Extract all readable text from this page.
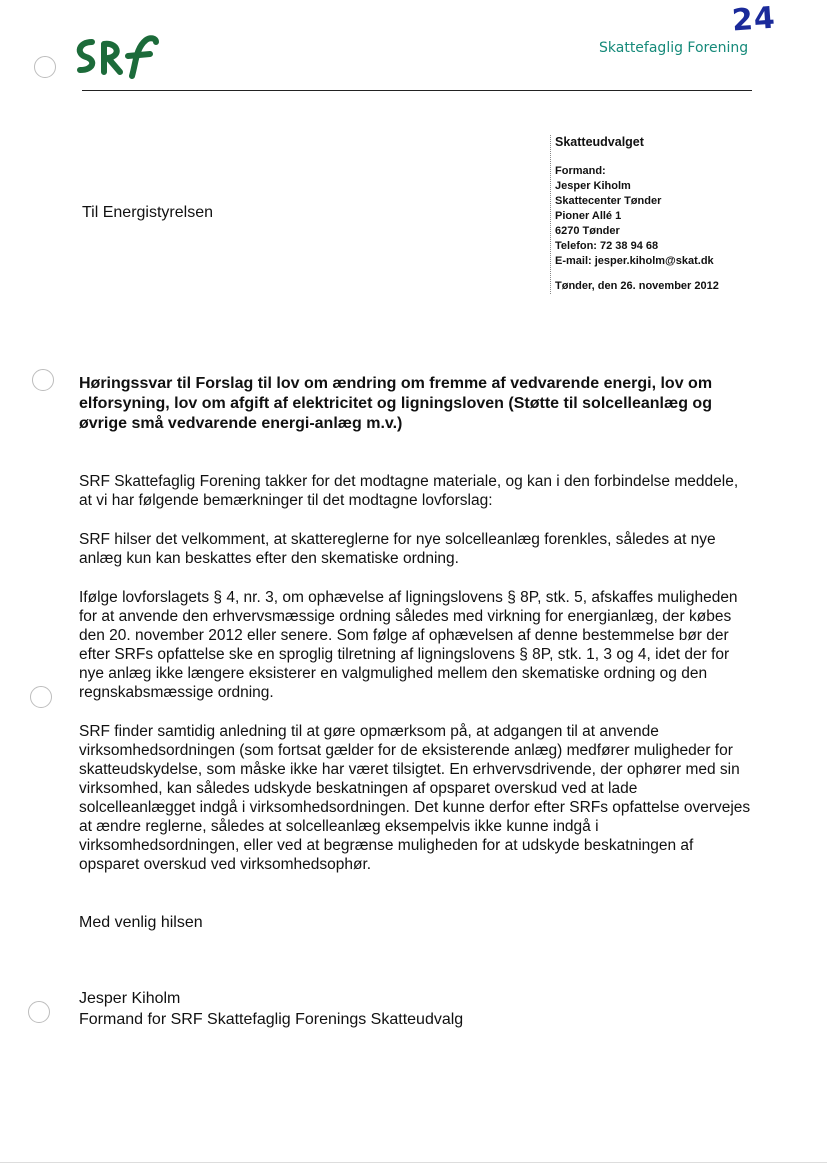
24
Skattefaglig Forening
Skatteudvalget
Formand:
Jesper Kiholm
Skattecenter Tønder
Pioner Allé 1
6270 Tønder
Telefon: 72 38 94 68
E-mail: jesper.kiholm@skat.dk
Tønder, den 26. november 2012
Til Energistyrelsen
Høringssvar til Forslag til lov om ændring om fremme af vedvarende energi, lov om elforsyning, lov om afgift af elektricitet og ligningsloven (Støtte til solcelleanlæg og øvrige små vedvarende energi-anlæg m.v.)
SRF Skattefaglig Forening takker for det modtagne materiale, og kan i den forbindelse meddele, at vi har følgende bemærkninger til det modtagne lovforslag:
SRF hilser det velkomment, at skattereglerne for nye solcelleanlæg forenkles, således at nye anlæg kun kan beskattes efter den skematiske ordning.
Ifølge lovforslagets § 4, nr. 3, om ophævelse af ligningslovens § 8P, stk. 5, afskaffes muligheden for at anvende den erhvervsmæssige ordning således med virkning for energianlæg, der købes den 20. november 2012 eller senere. Som følge af ophævelsen af denne bestemmelse bør der efter SRFs opfattelse ske en sproglig tilretning af ligningslovens § 8P, stk. 1, 3 og 4, idet der for nye anlæg ikke længere eksisterer en valgmulighed mellem den skematiske ordning og den regnskabsmæssige ordning.
SRF finder samtidig anledning til at gøre opmærksom på, at adgangen til at anvende virksomhedsordningen (som fortsat gælder for de eksisterende anlæg) medfører muligheder for skatteudskydelse, som måske ikke har været tilsigtet. En erhvervsdrivende, der ophører med sin virksomhed, kan således udskyde beskatningen af opsparet overskud ved at lade solcelleanlægget indgå i virksomhedsordningen. Det kunne derfor efter SRFs opfattelse overvejes at ændre reglerne, således at solcelleanlæg eksempelvis ikke kunne indgå i virksomhedsordningen, eller ved at begrænse muligheden for at udskyde beskatningen af opsparet overskud ved virksomhedsophør.
Med venlig hilsen
Jesper Kiholm
Formand for SRF Skattefaglig Forenings Skatteudvalg
